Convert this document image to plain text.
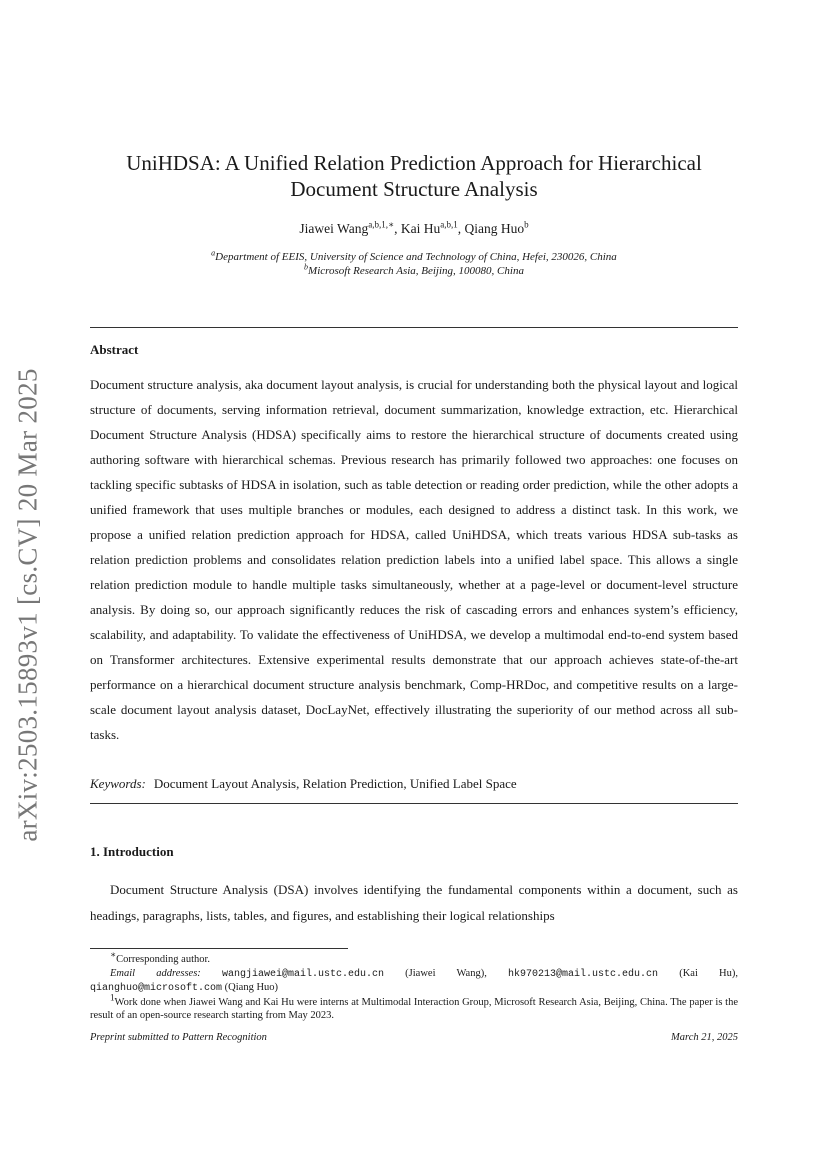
arXiv:2503.15893v1 [cs.CV] 20 Mar 2025
UniHDSA: A Unified Relation Prediction Approach for Hierarchical
Document Structure Analysis
Jiawei Wang$^{a,b,1,∗}$, Kai Hu$^{a,b,1}$, Qiang Huo$^b$
$^a$Department of EEIS, University of Science and Technology of China, Hefei, 230026, China
$^b$Microsoft Research Asia, Beijing, 100080, China
Abstract
Document structure analysis, aka document layout analysis, is crucial for understanding both the physical layout and logical structure of documents, serving information retrieval, document summarization, knowledge extraction, etc. Hierarchical Document Structure Analysis (HDSA) specifically aims to restore the hierarchical structure of documents created using authoring software with hierarchical schemas. Previous research has primarily followed two approaches: one focuses on tackling specific subtasks of HDSA in isolation, such as table detection or reading order prediction, while the other adopts a unified framework that uses multiple branches or modules, each designed to address a distinct task. In this work, we propose a unified relation prediction approach for HDSA, called UniHDSA, which treats various HDSA sub-tasks as relation prediction problems and consolidates relation prediction labels into a unified label space. This allows a single relation prediction module to handle multiple tasks simultaneously, whether at a page-level or document-level structure analysis. By doing so, our approach significantly reduces the risk of cascading errors and enhances system’s efficiency, scalability, and adaptability. To validate the effectiveness of UniHDSA, we develop a multimodal end-to-end system based on Transformer architectures. Extensive experimental results demonstrate that our approach achieves state-of-the-art performance on a hierarchical document structure analysis benchmark, Comp-HRDoc, and competitive results on a large-scale document layout analysis dataset, DocLayNet, effectively illustrating the superiority of our method across all sub-tasks.
Keywords: Document Layout Analysis, Relation Prediction, Unified Label Space
1. Introduction
Document Structure Analysis (DSA) involves identifying the fundamental components within a document, such as headings, paragraphs, lists, tables, and figures, and establishing their logical relationships
∗Corresponding author.
Email addresses: wangjiawei@mail.ustc.edu.cn (Jiawei Wang), hk970213@mail.ustc.edu.cn (Kai Hu), qianghuo@microsoft.com (Qiang Huo)
$^1$Work done when Jiawei Wang and Kai Hu were interns at Multimodal Interaction Group, Microsoft Research Asia, Beijing, China. The paper is the result of an open-source research starting from May 2023.
Preprint submitted to Pattern Recognition	March 21, 2025
